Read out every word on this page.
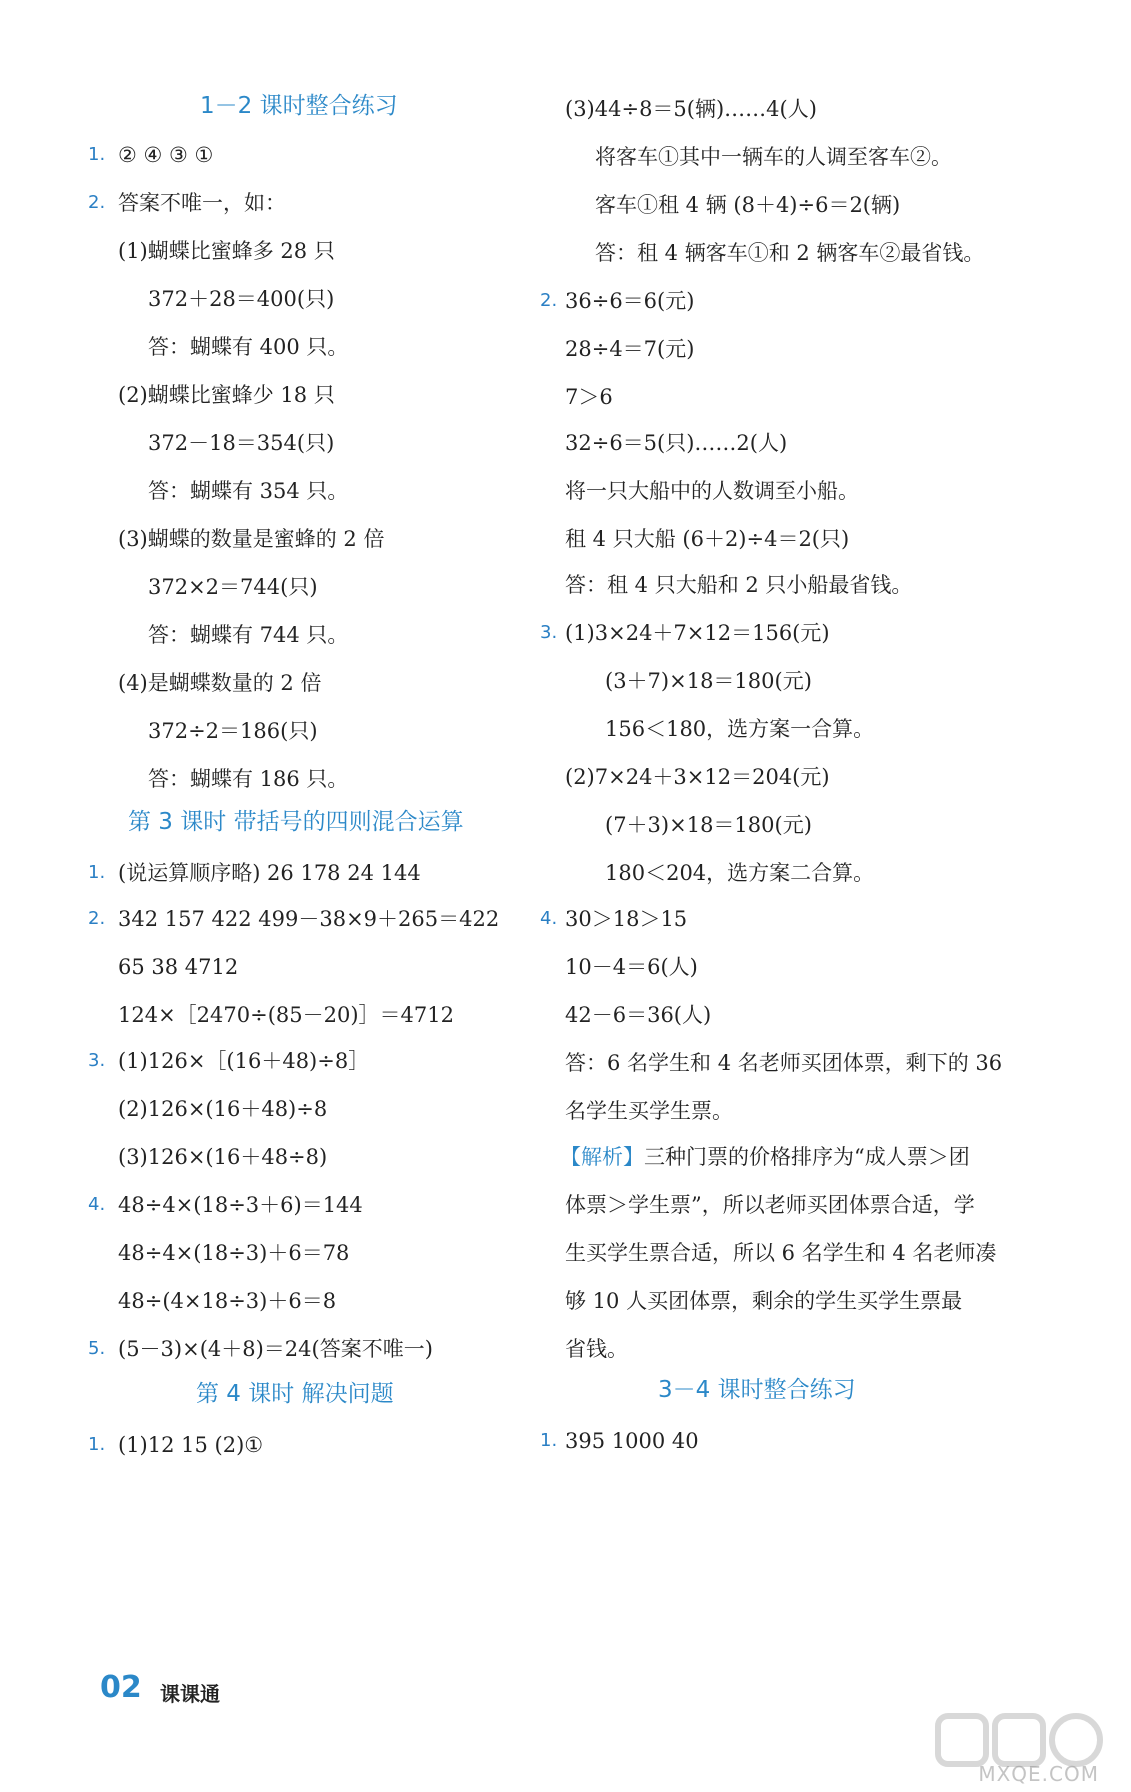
1－2 课时整合练习
1. ② ④ ③ ①
2. 答案不唯一，如：
(1)蝴蝶比蜜蜂多 28 只
372＋28＝400(只)
答：蝴蝶有 400 只。
(2)蝴蝶比蜜蜂少 18 只
372－18＝354(只)
答：蝴蝶有 354 只。
(3)蝴蝶的数量是蜜蜂的 2 倍
372×2＝744(只)
答：蝴蝶有 744 只。
(4)是蝴蝶数量的 2 倍
372÷2＝186(只)
答：蝴蝶有 186 只。
第 3 课时 带括号的四则混合运算
1. (说运算顺序略) 26 178 24 144
2. 342 157 422 499－38×9＋265＝422
65 38 4712
124×［2470÷(85－20)］＝4712
3. (1)126×［(16＋48)÷8］
(2)126×(16＋48)÷8
(3)126×(16＋48÷8)
4. 48÷4×(18÷3＋6)＝144
48÷4×(18÷3)＋6＝78
48÷(4×18÷3)＋6＝8
5. (5－3)×(4＋8)＝24(答案不唯一)
第 4 课时 解决问题
1. (1)12 15 (2)①
(3)44÷8＝5(辆)……4(人)
将客车①其中一辆车的人调至客车②。
客车①租 4 辆 (8＋4)÷6＝2(辆)
答：租 4 辆客车①和 2 辆客车②最省钱。
2. 36÷6＝6(元)
28÷4＝7(元)
7＞6
32÷6＝5(只)……2(人)
将一只大船中的人数调至小船。
租 4 只大船 (6＋2)÷4＝2(只)
答：租 4 只大船和 2 只小船最省钱。
3. (1)3×24＋7×12＝156(元)
(3＋7)×18＝180(元)
156＜180，选方案一合算。
(2)7×24＋3×12＝204(元)
(7＋3)×18＝180(元)
180＜204，选方案二合算。
4. 30＞18＞15
10－4＝6(人)
42－6＝36(人)
答：6 名学生和 4 名老师买团体票，剩下的 36
名学生买学生票。
【解析】三种门票的价格排序为“成人票＞团
体票＞学生票”，所以老师买团体票合适，学
生买学生票合适，所以 6 名学生和 4 名老师凑
够 10 人买团体票，剩余的学生买学生票最
省钱。
3－4 课时整合练习
1. 395 1000 40
02 课课通
MXQE.COM
